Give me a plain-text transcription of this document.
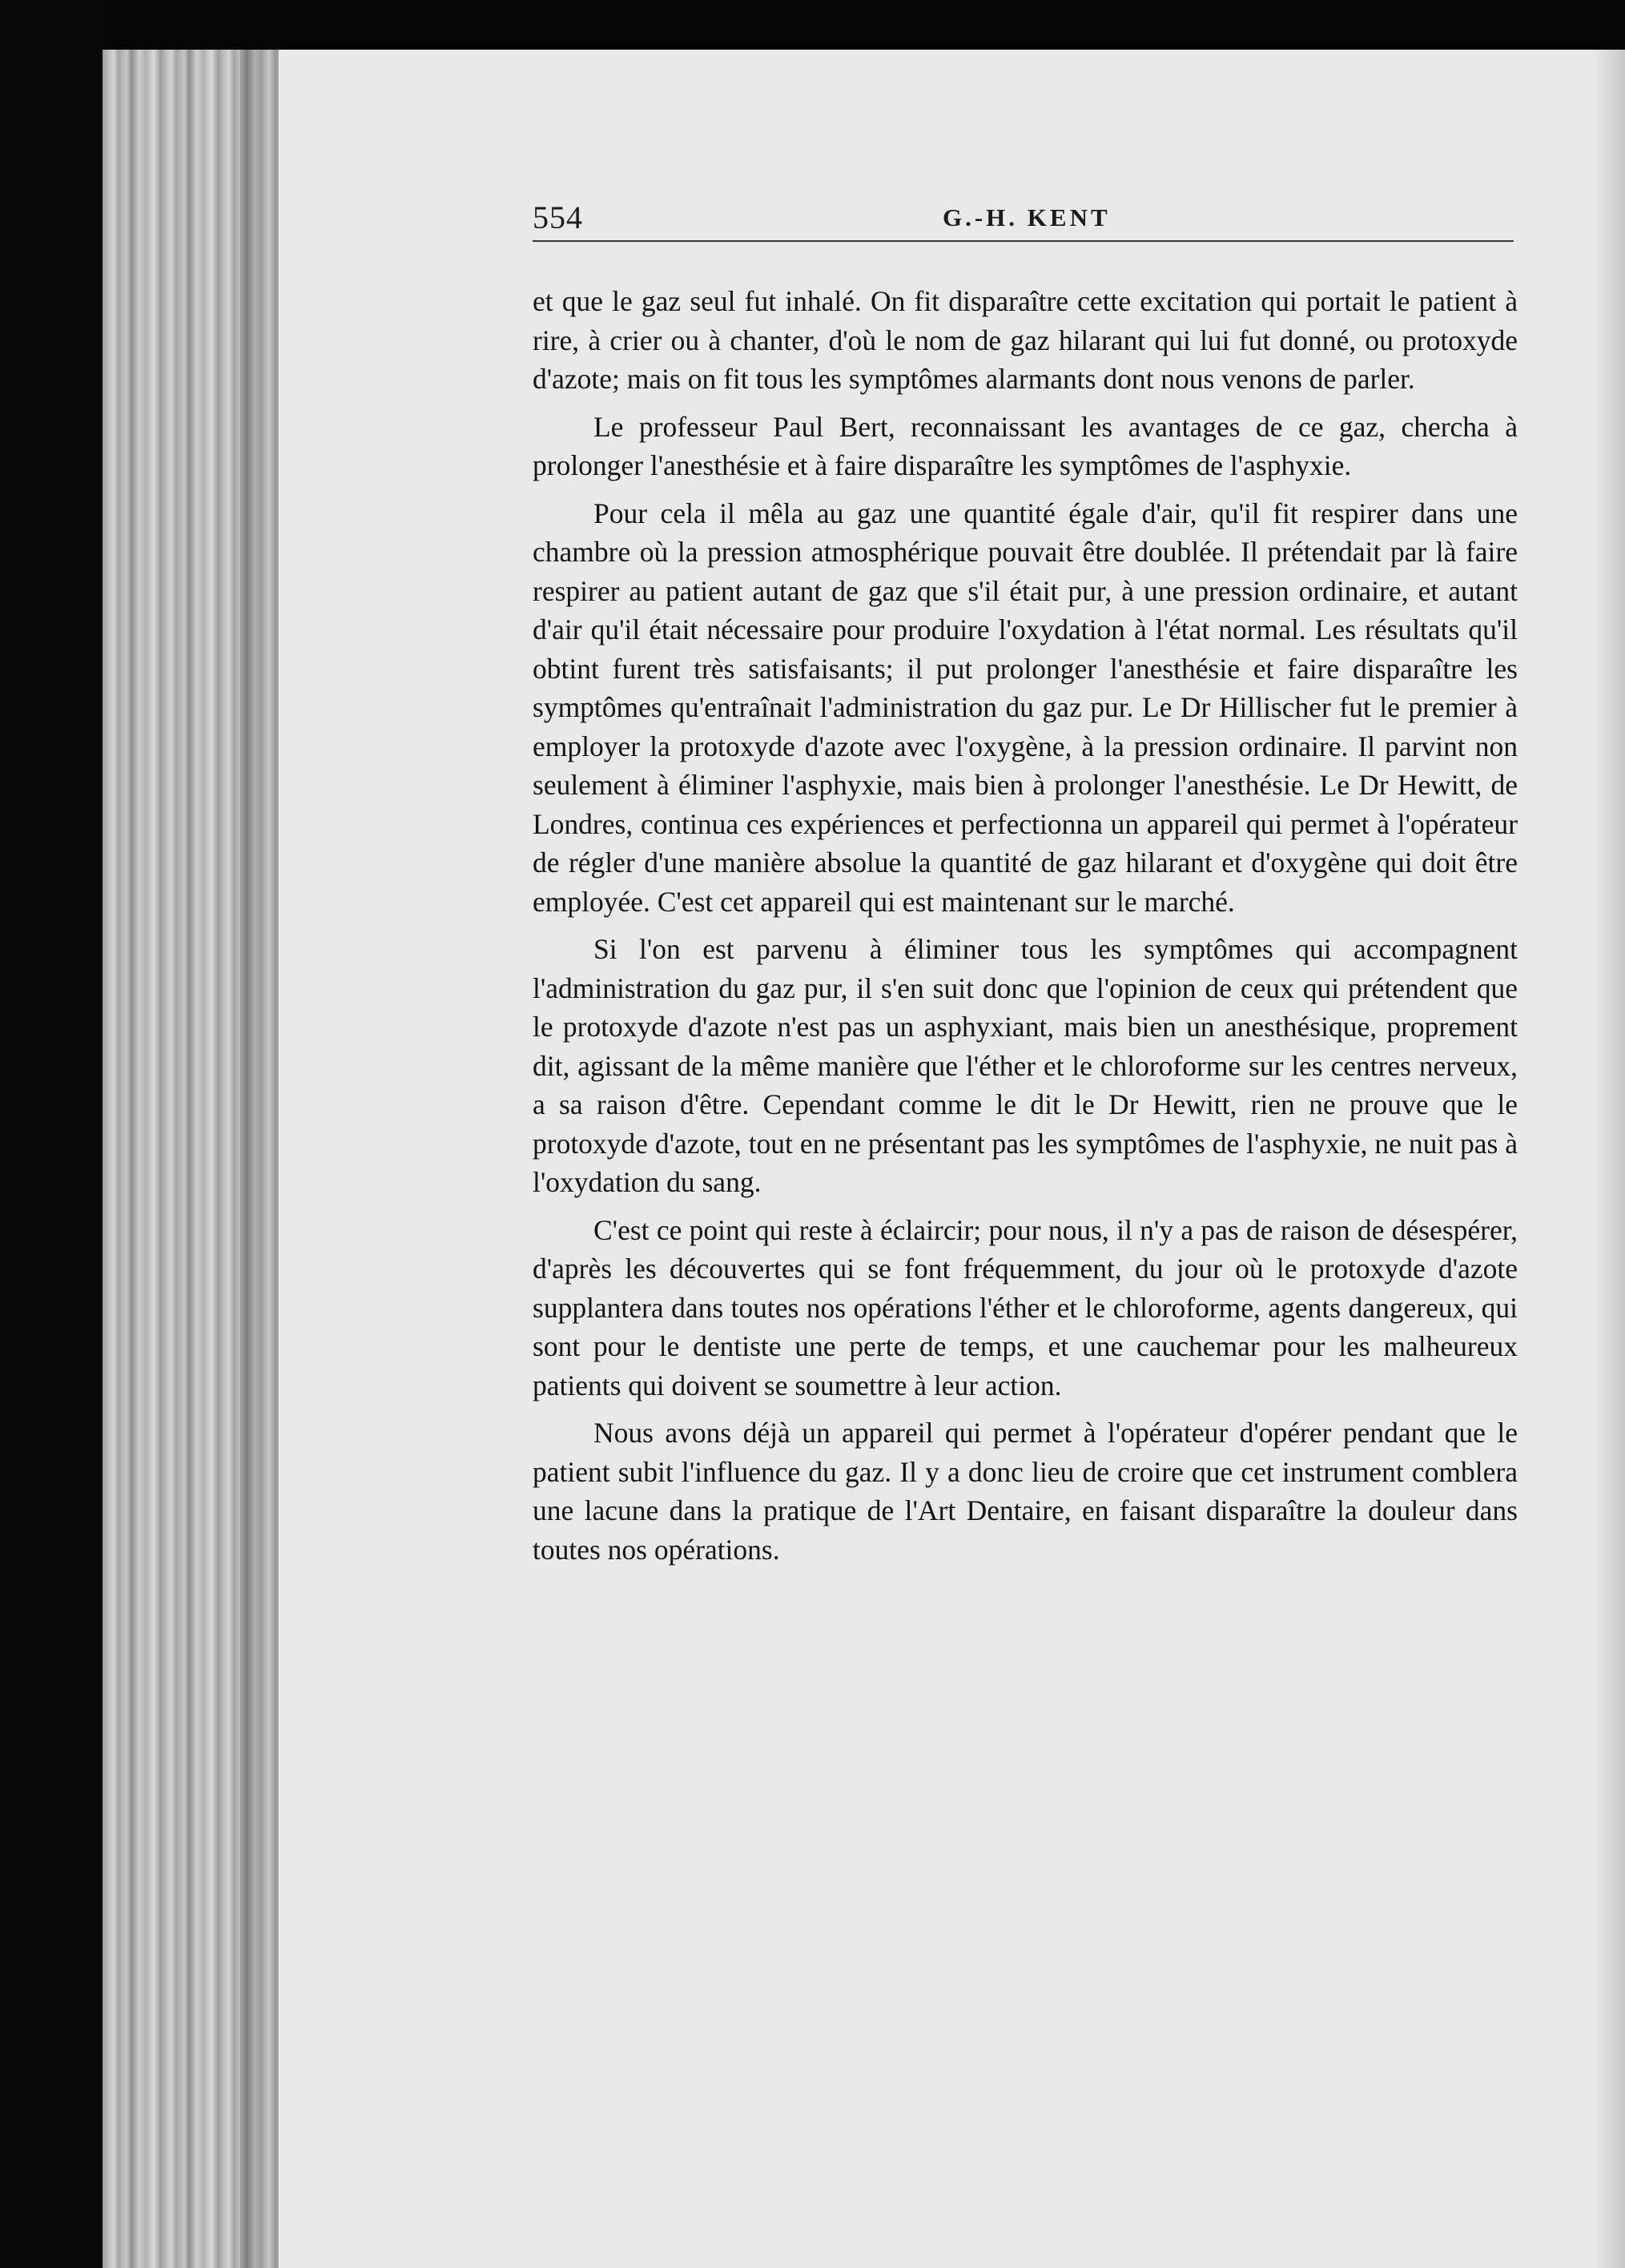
554	G.-H. KENT

et que le gaz seul fut inhalé. On fit disparaître cette excitation qui portait le patient à rire, à crier ou à chanter, d'où le nom de gaz hilarant qui lui fut donné, ou protoxyde d'azote; mais on fit tous les symptômes alarmants dont nous venons de parler.

Le professeur Paul Bert, reconnaissant les avantages de ce gaz, chercha à prolonger l'anesthésie et à faire disparaître les symptômes de l'asphyxie.

Pour cela il mêla au gaz une quantité égale d'air, qu'il fit respirer dans une chambre où la pression atmosphérique pouvait être doublée. Il prétendait par là faire respirer au patient autant de gaz que s'il était pur, à une pression ordinaire, et autant d'air qu'il était nécessaire pour produire l'oxydation à l'état normal. Les résultats qu'il obtint furent très satisfaisants; il put prolonger l'anesthésie et faire disparaître les symptômes qu'entraînait l'administration du gaz pur. Le Dr Hillischer fut le premier à employer la protoxyde d'azote avec l'oxygène, à la pression ordinaire. Il parvint non seulement à éliminer l'asphyxie, mais bien à prolonger l'anesthésie. Le Dr Hewitt, de Londres, continua ces expériences et perfectionna un appareil qui permet à l'opérateur de régler d'une manière absolue la quantité de gaz hilarant et d'oxygène qui doit être employée. C'est cet appareil qui est maintenant sur le marché.

Si l'on est parvenu à éliminer tous les symptômes qui accompagnent l'administration du gaz pur, il s'en suit donc que l'opinion de ceux qui prétendent que le protoxyde d'azote n'est pas un asphyxiant, mais bien un anesthésique, proprement dit, agissant de la même manière que l'éther et le chloroforme sur les centres nerveux, a sa raison d'être. Cependant comme le dit le Dr Hewitt, rien ne prouve que le protoxyde d'azote, tout en ne présentant pas les symptômes de l'asphyxie, ne nuit pas à l'oxydation du sang.

C'est ce point qui reste à éclaircir; pour nous, il n'y a pas de raison de désespérer, d'après les découvertes qui se font fréquemment, du jour où le protoxyde d'azote supplantera dans toutes nos opérations l'éther et le chloroforme, agents dangereux, qui sont pour le dentiste une perte de temps, et une cauchemar pour les malheureux patients qui doivent se soumettre à leur action.

Nous avons déjà un appareil qui permet à l'opérateur d'opérer pendant que le patient subit l'influence du gaz. Il y a donc lieu de croire que cet instrument comblera une lacune dans la pratique de l'Art Dentaire, en faisant disparaître la douleur dans toutes nos opérations.
